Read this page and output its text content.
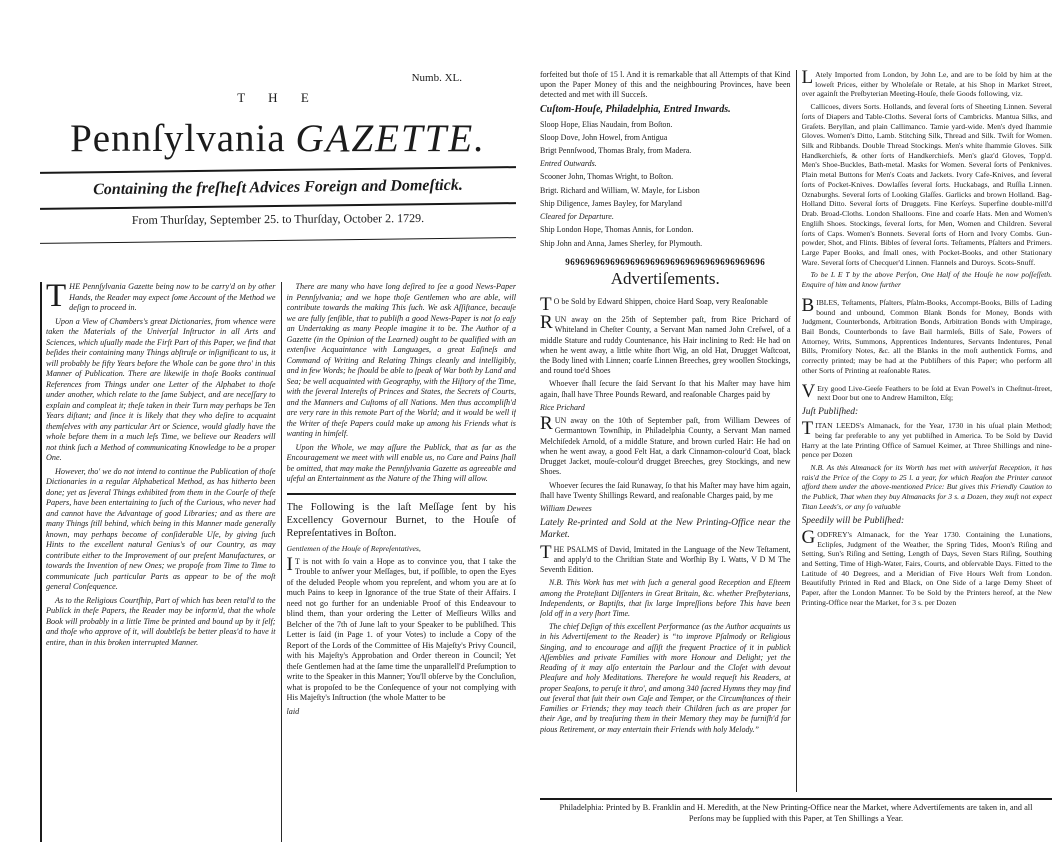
Numb. XL.
T H E
Pennſylvania GAZETTE.
Containing the freſheſt Advices Foreign and Domeſtick.
From Thurſday, September 25. to Thurſday, October 2. 1729.

THE Pennſylvania Gazette being now to be carry'd on by other Hands, the Reader may expect ſome Account of the Method we deſign to proceed in.

Upon a View of Chambers's great Dictionaries, from whence were taken the Materials of the Univerſal Inſtructor in all Arts and Sciences, which uſually made the Firſt Part of this Paper, we find that beſides their containing many Things abſtruſe or inſignificant to us, it will probably be fifty Years before the Whole can be gone thro' in this Manner of Publication. There are likewiſe in thoſe Books continual References from Things under one Letter of the Alphabet to thoſe under another, which relate to the ſame Subject, and are neceſſary to explain and compleat it; theſe taken in their Turn may perhaps be Ten Years diſtant; and ſince it is likely that they who deſire to acquaint themſelves with any particular Art or Science, would gladly have the whole before them in a much leſs Time, we believe our Readers will not think ſuch a Method of communicating Knowledge to be a proper One.

However, tho' we do not intend to continue the Publication of thoſe Dictionaries in a regular Alphabetical Method, as has hitherto been done; yet as ſeveral Things exhibited from them in the Courſe of theſe Papers, have been entertaining to ſuch of the Curious, who never had and cannot have the Advantage of good Libraries; and as there are many Things ſtill behind, which being in this Manner made generally known, may perhaps become of conſiderable Uſe, by giving ſuch Hints to the excellent natural Genius's of our Country, as may contribute either to the Improvement of our preſent Manufactures, or towards the Invention of new Ones; we propoſe from Time to Time to communicate ſuch particular Parts as appear to be of the moſt general Conſequence.

As to the Religious Courtſhip, Part of which has been retal'd to the Publick in theſe Papers, the Reader may be inform'd, that the whole Book will probably in a little Time be printed and bound up by it ſelf; and thoſe who approve of it, will doubtleſs be better pleas'd to have it entire, than in this broken interrupted Manner.

There are many who have long deſired to ſee a good News-Paper in Pennſylvania; and we hope thoſe Gentlemen who are able, will contribute towards the making This ſuch. We ask Aſſiſtance, becauſe we are fully ſenſible, that to publiſh a good News-Paper is not ſo eaſy an Undertaking as many People imagine it to be. The Author of a Gazette (in the Opinion of the Learned) ought to be qualified with an extenſive Acquaintance with Languages, a great Eaſineſs and Command of Writing and Relating Things cleanly and intelligibly, and in few Words; he ſhould be able to ſpeak of War both by Land and Sea; be well acquainted with Geography, with the Hiſtory of the Time, with the ſeveral Intereſts of Princes and States, the Secrets of Courts, and the Manners and Cuſtoms of all Nations. Men thus accompliſh'd are very rare in this remote Part of the World; and it would be well if the Writer of theſe Papers could make up among his Friends what is wanting in himſelf.

Upon the Whole, we may aſſure the Publick, that as far as the Encouragement we meet with will enable us, no Care and Pains ſhall be omitted, that may make the Pennſylvania Gazette as agreeable and uſeful an Entertainment as the Nature of the Thing will allow.

The Following is the laſt Meſſage ſent by his Excellency Governour Burnet, to the Houſe of Repreſentatives in Boſton.

Gentlemen of the Houſe of Repreſentatives,

I T is not with ſo vain a Hope as to convince you, that I take the Trouble to anſwer your Meſſages, but, if poſſible, to open the Eyes of the deluded People whom you repreſent, and whom you are at ſo much Pains to keep in Ignorance of the true State of their Affairs. I need not go further for an undeniable Proof of this Endeavour to blind them, than your ordering the Letter of Meſſieurs Wilks and Belcher of the 7th of June laſt to your Speaker to be publiſhed. This Letter is ſaid (in Page 1. of your Votes) to include a Copy of the Report of the Lords of the Committee of His Majeſty's Privy Council, with his Majeſty's Approbation and Order thereon in Council; Yet theſe Gentlemen had at the ſame time the unparallell'd Preſumption to write to the Speaker in this Manner; You'll obſerve by the Concluſion, what is propoſed to be the Conſequence of your not complying with His Majeſty's Inſtruction (the whole Matter to be

laid

forfeited but thoſe of 15 l. And it is remarkable that all Attempts of that Kind upon the Paper Money of this and the neighbouring Provinces, have been detected and met with ill Succeſs.

Cuſtom-Houſe, Philadelphia, Entred Inwards.

Sloop Hope, Elias Naudain, from Boſton.

Sloop Dove, John Howel, from Antigua

Brigt Pennſwood, Thomas Braly, from Madera.

Entred Outwards.

Scooner John, Thomas Wright, to Boſton.

Brigt. Richard and William, W. Mayle, for Lisbon

Ship Diligence, James Bayley, for Maryland

Cleared for Departure.

Ship London Hope, Thomas Annis, for London.

Ship John and Anna, James Sherley, for Plymouth.

9696969696969696969696969696969696969696
Advertiſements.

T O be Sold by Edward Shippen, choice Hard Soap, very Reaſonable

RUN away on the 25th of September paſt, from Rice Prichard of Whiteland in Cheſter County, a Servant Man named John Creſwel, of a middle Stature and ruddy Countenance, his Hair inclining to Red: He had on when he went away, a little white ſhort Wig, an old Hat, Drugget Waſtcoat, the Body lined with Linnen; coarſe Linnen Breeches, grey woollen Stockings, and round toe'd Shoes

Whoever ſhall ſecure the ſaid Servant ſo that his Maſter may have him again, ſhall have Three Pounds Reward, and reaſonable Charges paid by

Rice Prichard

RUN away on the 10th of September paſt, from William Dewees of Germantown Townſhip, in Philadelphia County, a Servant Man named Melchiſedek Arnold, of a middle Stature, and brown curled Hair: He had on when he went away, a good Felt Hat, a dark Cinnamon-colour'd Coat, black Drugget Jacket, mouſe-colour'd drugget Breeches, grey Stockings, and new Shoes.

Whoever ſecures the ſaid Runaway, ſo that his Maſter may have him again, ſhall have Twenty Shillings Reward, and reaſonable Charges paid, by me

William Dewees

Lately Re-printed and Sold at the New Printing-Office near the Market.

THE PSALMS of David, Imitated in the Language of the New Teſtament, and apply'd to the Chriſtian State and Worſhip By I. Watts, V D M The Seventh Edition.

N.B. This Work has met with ſuch a general good Reception and Eſteem among the Proteſtant Diſſenters in Great Britain, &c. whether Preſbyterians, Independents, or Baptiſts, that ſix large Impreſſions before This have been ſold off in a very ſhort Time.

The chief Deſign of this excellent Performance (as the Author acquaints us in his Advertiſement to the Reader) is “to improve Pſalmody or Religious Singing, and to encourage and aſſiſt the frequent Practice of it in publick Aſſemblies and private Families with more Honour and Delight; yet the Reading of it may alſo entertain the Parlour and the Cloſet with devout Pleaſure and holy Meditations. Therefore he would requeſt his Readers, at proper Seaſons, to peruſe it thro', and among 340 ſacred Hymns they may find out ſeveral that ſuit their own Caſe and Temper, or the Circumſtances of their Families or Friends; they may teach their Children ſuch as are proper for their Age, and by treaſuring them in their Memory they may be furniſh'd for pious Retirement, or may entertain their Friends with holy Melody.”

L Ately Imported from London, by John Le, and are to be ſold by him at the loweſt Prices, either by Wholeſale or Retale, at his Shop in Market Street, over againſt the Preſbyterian Meeting-Houſe, theſe Goods following, viz.

Callicoes, divers Sorts. Hollands, and ſeveral ſorts of Sheeting Linnen. Several ſorts of Diapers and Table-Cloths. Several ſorts of Cambricks. Mantua Silks, and Graſets. Beryllan, and plain Callimanco. Tamie yard-wide. Men's dyed ſhammie Gloves. Women's Ditto, Lamb. Stitching Silk, Thread and Silk. Twiſt for Women. Silk and Ribbands. Double Thread Stockings. Men's white ſhammie Gloves. Silk Handkerchiefs, & other ſorts of Handkerchiefs. Men's glaz'd Gloves, Topp'd. Men's Shoe-Buckles, Bath-metal. Masks for Women. Several ſorts of Penknives. Plain metal Buttons for Men's Coats and Jackets. Ivory Cafe-Knives, and ſeveral ſorts of Pocket-Knives. Dowlaſſes ſeveral ſorts. Huckabags, and Ruſſia Linnen. Oznaburghs. Several ſorts of Looking Glaſſes. Garlicks and brown Holland. Bag-Holland Ditto. Several ſorts of Druggets. Fine Kerſeys. Superfine double-mill'd Drab. Broad-Cloths. London Shalloons. Fine and coarſe Hats. Men and Women's Engliſh Shoes. Stockings, ſeveral ſorts, for Men, Women and Children. Several ſorts of Caps. Women's Bonnets. Several ſorts of Horn and Ivory Combs. Gun-powder, Shot, and Flints. Bibles of ſeveral ſorts. Teſtaments, Pſalters and Primers. Large Paper Books, and ſmall ones, with Pocket-Books, and other Stationary Ware. Several ſorts of Checquer'd Linnen. Flannels and Duroys. Scots-Snuff.

To be L E T by the above Perſon, One Half of the Houſe he now poſſeſſeth. Enquire of him and know further

BIBLES, Teſtaments, Pſalters, Pſalm-Books, Accompt-Books, Bills of Lading bound and unbound, Common Blank Bonds for Money, Bonds with Judgment, Counterbonds, Arbitration Bonds, Arbitration Bonds with Umpirage, Bail Bonds, Counterbonds to ſave Bail harmleſs, Bills of Sale, Powers of Attorney, Writs, Summons, Apprentices Indentures, Servants Indentures, Penal Bills, Promiſory Notes, &c. all the Blanks in the moſt authentick Forms, and correctly printed; may be had at the Publiſhers of this Paper; who perform all other Sorts of Printing at reaſonable Rates.

V Ery good Live-Geeſe Feathers to be ſold at Evan Powel's in Cheſtnut-ſtreet, next Door but one to Andrew Hamilton, Eſq;

Juſt Publiſhed:

TITAN LEEDS's Almanack, for the Year, 1730 in his uſual plain Method; being far preferable to any yet publiſhed in America. To be Sold by David Harry at the late Printing Office of Samuel Keimer, at Three Shillings and nine-pence per Dozen

N.B. As this Almanack for its Worth has met with univerſal Reception, it has rais'd the Price of the Copy to 25 l. a year, for which Reaſon the Printer cannot afford them under the above-mentioned Price: But gives this Friendly Caution to the Publick, That when they buy Almanacks for 3 s. a Dozen, they muſt not expect Titan Leeds's, or any ſo valuable

Speedily will be Publiſhed:

GODFREY's Almanack, for the Year 1730. Containing the Lunations, Eclipſes, Judgment of the Weather, the Spring Tides, Moon's Riſing and Setting, Sun's Riſing and Setting, Length of Days, Seven Stars Riſing, Southing and Setting, Time of High-Water, Fairs, Courts, and obſervable Days. Fitted to the Latitude of 40 Degrees, and a Meridian of Five Hours Weſt from London. Beautifully Printed in Red and Black, on One Side of a large Demy Sheet of Paper, after the London Manner. To be Sold by the Printers hereof, at the New Printing-Office near the Market, for 3 s. per Dozen

Philadelphia: Printed by B. Franklin and H. Meredith, at the New Printing-Office near the Market, where Advertiſements are taken in, and all Perſons may be ſupplied with this Paper, at Ten Shillings a Year.
